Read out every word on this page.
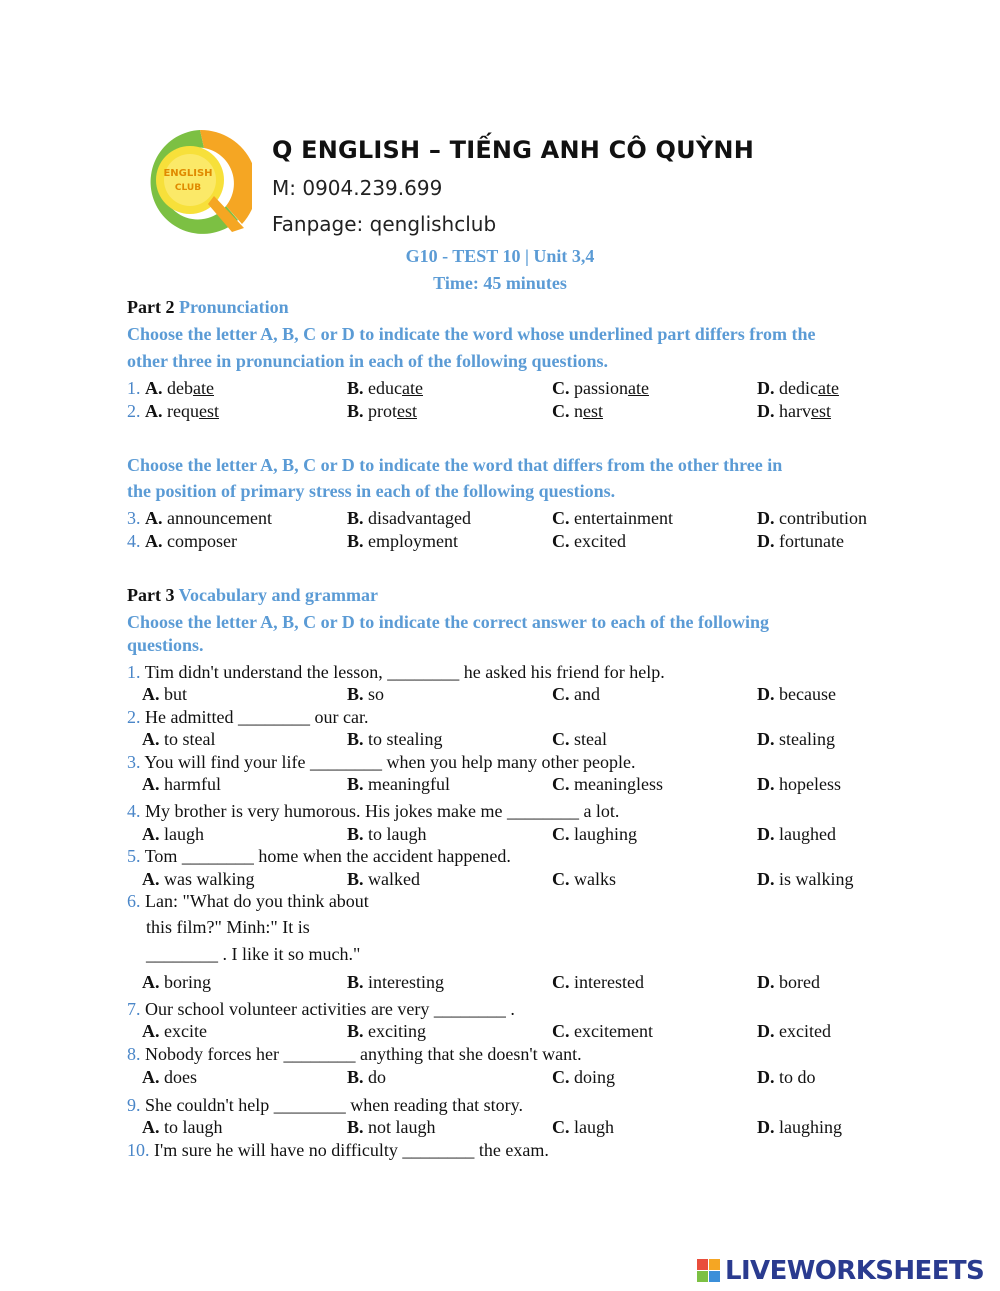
ENGLISH
CLUB
Q ENGLISH – TIẾNG ANH CÔ QUỲNH
M: 0904.239.699
Fanpage: qenglishclub
G10 - TEST 10 | Unit 3,4
Time: 45 minutes
Part 2 Pronunciation
Choose the letter A, B, C or D to indicate the word whose underlined part differs from the
other three in pronunciation in each of the following questions.
1. A. debate	B. educate	C. passionate	D. dedicate
2. A. request	B. protest	C. nest	D. harvest
Choose the letter A, B, C or D to indicate the word that differs from the other three in
the position of primary stress in each of the following questions.
3. A. announcement	B. disadvantaged	C. entertainment	D. contribution
4. A. composer	B. employment	C. excited	D. fortunate
Part 3 Vocabulary and grammar
Choose the letter A, B, C or D to indicate the correct answer to each of the following
questions.
1. Tim didn't understand the lesson, ________ he asked his friend for help.
A. but	B. so	C. and	D. because
2. He admitted ________ our car.
A. to steal	B. to stealing	C. steal	D. stealing
3. You will find your life ________ when you help many other people.
A. harmful	B. meaningful	C. meaningless	D. hopeless
4. My brother is very humorous. His jokes make me ________ a lot.
A. laugh	B. to laugh	C. laughing	D. laughed
5. Tom ________ home when the accident happened.
A. was walking	B. walked	C. walks	D. is walking
6. Lan: "What do you think about
this film?" Minh:" It is
________ . I like it so much."
A. boring	B. interesting	C. interested	D. bored
7. Our school volunteer activities are very ________ .
A. excite	B. exciting	C. excitement	D. excited
8. Nobody forces her ________ anything that she doesn't want.
A. does	B. do	C. doing	D. to do
9. She couldn't help ________ when reading that story.
A. to laugh	B. not laugh	C. laugh	D. laughing
10. I'm sure he will have no difficulty ________ the exam.
LIVEWORKSHEETS
